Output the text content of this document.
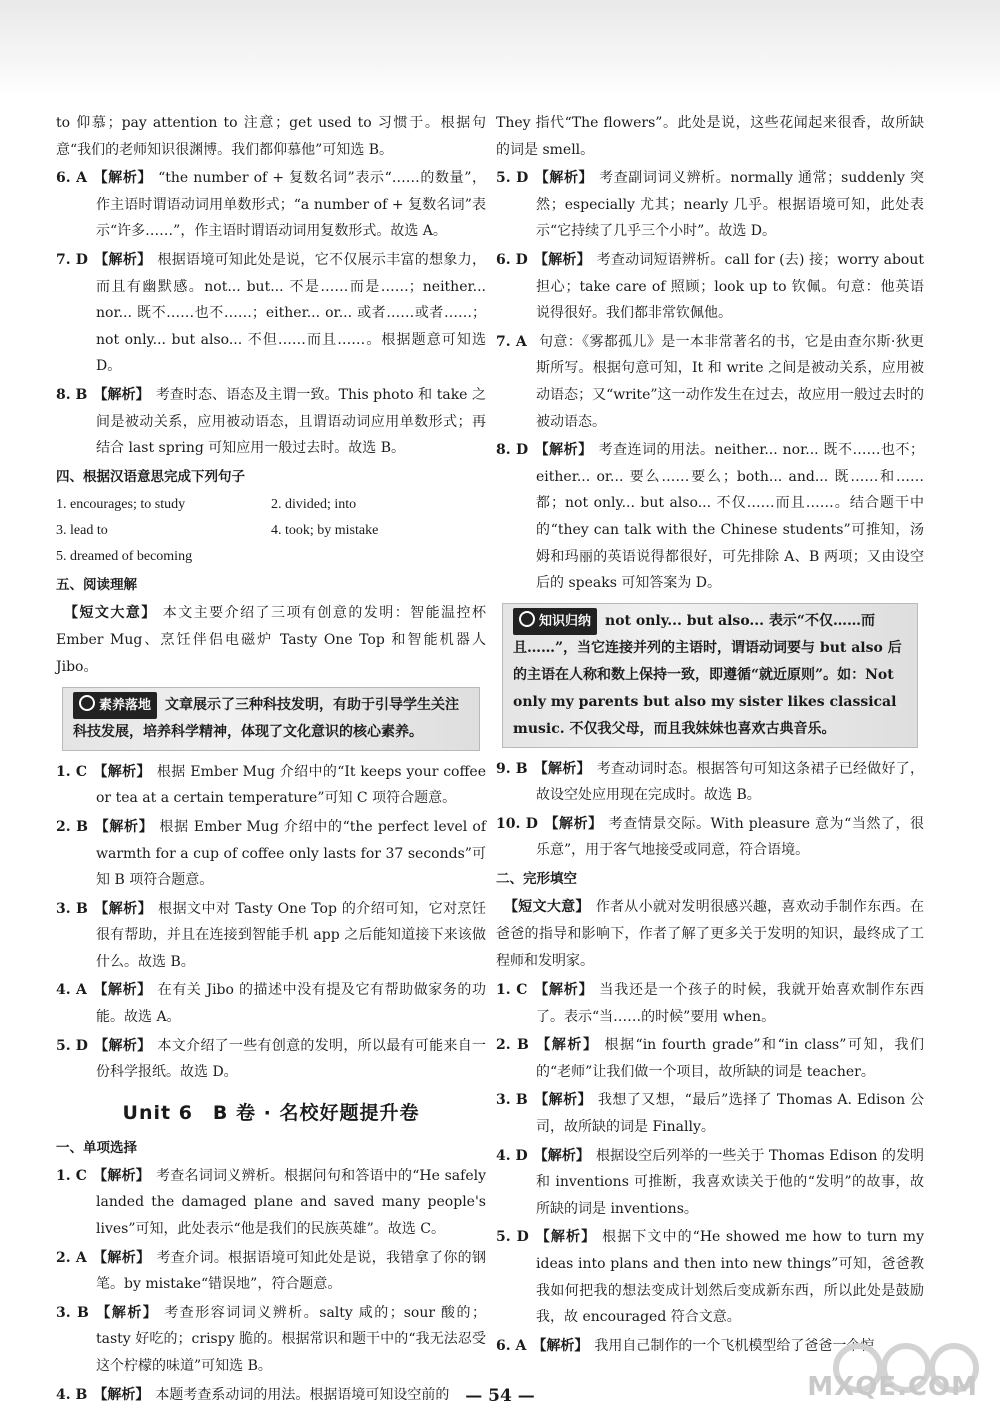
to 仰慕；pay attention to 注意；get used to 习惯于。根据句意“我们的老师知识很渊博。我们都仰慕他”可知选 B。

6. A 【解析】 “the number of + 复数名词”表示“……的数量”，作主语时谓语动词用单数形式；“a number of + 复数名词”表示“许多……”，作主语时谓语动词用复数形式。故选 A。

7. D 【解析】 根据语境可知此处是说，它不仅展示丰富的想象力，而且有幽默感。not... but... 不是……而是……；neither... nor... 既不……也不……；either... or... 或者……或者……；not only... but also... 不但……而且……。根据题意可知选 D。

8. B 【解析】 考查时态、语态及主谓一致。This photo 和 take 之间是被动关系，应用被动语态，且谓语动词应用单数形式；再结合 last spring 可知应用一般过去时。故选 B。

四、根据汉语意思完成下列句子
1. encourages; to study	2. divided; into
3. lead to	4. took; by mistake
5. dreamed of becoming
五、阅读理解

【短文大意】 本文主要介绍了三项有创意的发明：智能温控杯 Ember Mug、烹饪伴侣电磁炉 Tasty One Top 和智能机器人 Jibo。

素养落地 文章展示了三种科技发明，有助于引导学生关注科技发展，培养科学精神，体现了文化意识的核心素养。

1. C 【解析】 根据 Ember Mug 介绍中的“It keeps your coffee or tea at a certain temperature”可知 C 项符合题意。

2. B 【解析】 根据 Ember Mug 介绍中的“the perfect level of warmth for a cup of coffee only lasts for 37 seconds”可知 B 项符合题意。

3. B 【解析】 根据文中对 Tasty One Top 的介绍可知，它对烹饪很有帮助，并且在连接到智能手机 app 之后能知道接下来该做什么。故选 B。

4. A 【解析】 在有关 Jibo 的描述中没有提及它有帮助做家务的功能。故选 A。

5. D 【解析】 本文介绍了一些有创意的发明，所以最有可能来自一份科学报纸。故选 D。

Unit 6　B 卷 · 名校好题提升卷
一、单项选择

1. C 【解析】 考查名词词义辨析。根据问句和答语中的“He safely landed the damaged plane and saved many people's lives”可知，此处表示“他是我们的民族英雄”。故选 C。

2. A 【解析】 考查介词。根据语境可知此处是说，我错拿了你的钢笔。by mistake“错误地”，符合题意。

3. B 【解析】 考查形容词词义辨析。salty 咸的；sour 酸的；tasty 好吃的；crispy 脆的。根据常识和题干中的“我无法忍受这个柠檬的味道”可知选 B。

4. B 【解析】 本题考查系动词的用法。根据语境可知设空前的

They 指代“The flowers”。此处是说，这些花闻起来很香，故所缺的词是 smell。

5. D 【解析】 考查副词词义辨析。normally 通常；suddenly 突然；especially 尤其；nearly 几乎。根据语境可知，此处表示“它持续了几乎三个小时”。故选 D。

6. D 【解析】 考查动词短语辨析。call for (去) 接；worry about 担心；take care of 照顾；look up to 钦佩。句意：他英语说得很好。我们都非常钦佩他。

7. A 句意：《雾都孤儿》是一本非常著名的书，它是由查尔斯·狄更斯所写。根据句意可知，It 和 write 之间是被动关系，应用被动语态；又“write”这一动作发生在过去，故应用一般过去时的被动语态。

8. D 【解析】 考查连词的用法。neither... nor... 既不……也不；either... or... 要么……要么；both... and... 既……和……都；not only... but also... 不仅……而且……。结合题干中的“they can talk with the Chinese students”可推知，汤姆和玛丽的英语说得都很好，可先排除 A、B 两项；又由设空后的 speaks 可知答案为 D。

知识归纳 not only... but also... 表示“不仅……而且……”，当它连接并列的主语时，谓语动词要与 but also 后的主语在人称和数上保持一致，即遵循“就近原则”。如：Not only my parents but also my sister likes classical music. 不仅我父母，而且我妹妹也喜欢古典音乐。

9. B 【解析】 考查动词时态。根据答句可知这条裙子已经做好了，故设空处应用现在完成时。故选 B。

10. D 【解析】 考查情景交际。With pleasure 意为“当然了，很乐意”，用于客气地接受或同意，符合语境。

二、完形填空

【短文大意】 作者从小就对发明很感兴趣，喜欢动手制作东西。在爸爸的指导和影响下，作者了解了更多关于发明的知识，最终成了工程师和发明家。

1. C 【解析】 当我还是一个孩子的时候，我就开始喜欢制作东西了。表示“当……的时候”要用 when。

2. B 【解析】 根据“in fourth grade”和“in class”可知，我们的“老师”让我们做一个项目，故所缺的词是 teacher。

3. B 【解析】 我想了又想，“最后”选择了 Thomas A. Edison 公司，故所缺的词是 Finally。

4. D 【解析】 根据设空后列举的一些关于 Thomas Edison 的发明和 inventions 可推断，我喜欢读关于他的“发明”的故事，故所缺的词是 inventions。

5. D 【解析】 根据下文中的“He showed me how to turn my ideas into plans and then into new things”可知，爸爸教我如何把我的想法变成计划然后变成新东西，所以此处是鼓励我，故 encouraged 符合文意。

6. A 【解析】 我用自己制作的一个飞机模型给了爸爸一个惊

— 54 —	MXQE.COM
